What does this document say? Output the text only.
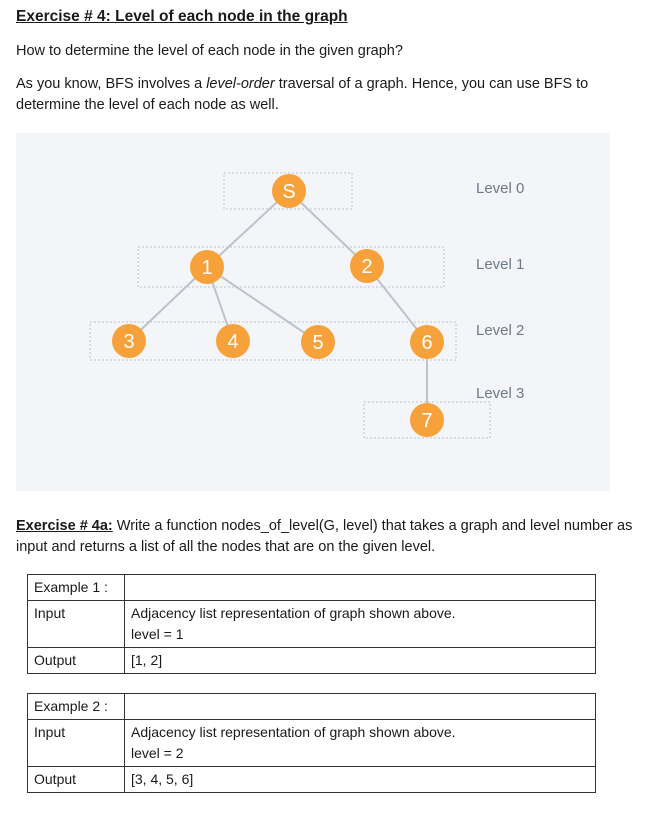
Exercise # 4: Level of each node in the graph
How to determine the level of each node in the given graph?
As you know, BFS involves a level-order traversal of a graph. Hence, you can use BFS to determine the level of each node as well.
S
1	2
3	4	5	6
7
Level 0
Level 1
Level 2
Level 3
Exercise # 4a: Write a function nodes_of_level(G, level) that takes a graph and level number as input and returns a list of all the nodes that are on the given level.
Example 1 :	
Input	Adjacency list representation of graph shown above.
level = 1

Output	[1, 2]
Example 2 :	
Input	Adjacency list representation of graph shown above.
level = 2

Output	[3, 4, 5, 6]
